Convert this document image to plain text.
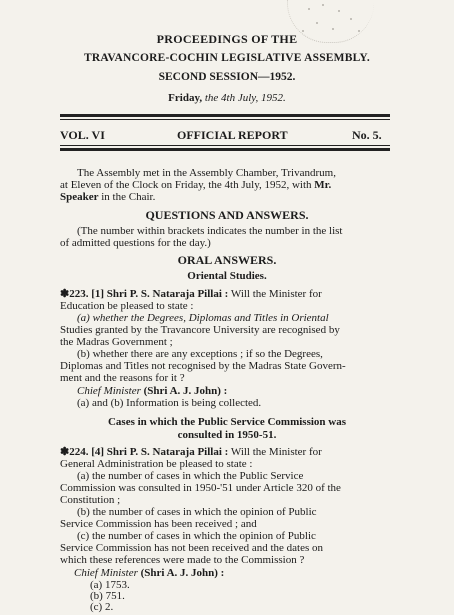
PROCEEDINGS OF THE
TRAVANCORE-COCHIN LEGISLATIVE ASSEMBLY.
SECOND SESSION—1952.
Friday, the 4th July, 1952.
VOL. VI	OFFICIAL REPORT	No. 5.
The Assembly met in the Assembly Chamber, Trivandrum,
at Eleven of the Clock on Friday, the 4th July, 1952, with Mr.
Speaker in the Chair.
QUESTIONS AND ANSWERS.
(The number within brackets indicates the number in the list
of admitted questions for the day.)
ORAL ANSWERS.
Oriental Studies.
✽223. [1] Shri P. S. Nataraja Pillai : Will the Minister for
Education be pleased to state :
(a) whether the Degrees, Diplomas and Titles in Oriental
Studies granted by the Travancore University are recognised by
the Madras Government ;
(b) whether there are any exceptions ; if so the Degrees,
Diplomas and Titles not recognised by the Madras State Govern-
ment and the reasons for it ?
Chief Minister (Shri A. J. John) :
(a) and (b) Information is being collected.
Cases in which the Public Service Commission was
consulted in 1950-51.
✽224. [4] Shri P. S. Nataraja Pillai : Will the Minister for
General Administration be pleased to state :
(a) the number of cases in which the Public Service
Commission was consulted in 1950-'51 under Article 320 of the
Constitution ;
(b) the number of cases in which the opinion of Public
Service Commission has been received ; and
(c) the number of cases in which the opinion of Public
Service Commission has not been received and the dates on
which these references were made to the Commission ?
Chief Minister (Shri A. J. John) :
(a) 1753.
(b) 751.
(c) 2.
